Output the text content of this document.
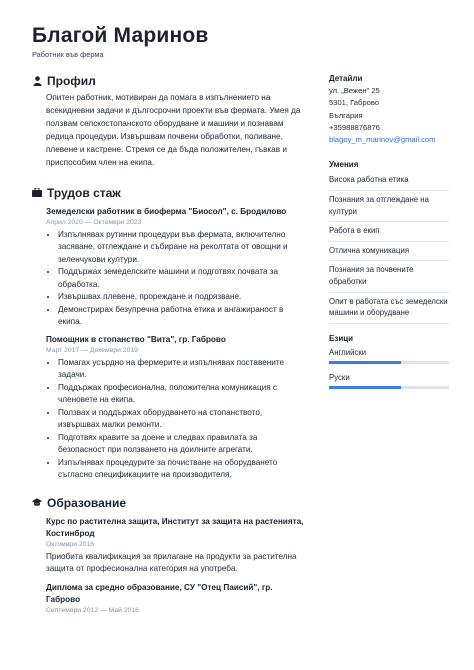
Благой Маринов
Работник във ферма
Профил
Опитен работник, мотивиран да помага в изпълнението на всекидневни задачи и дългосрочни проекти във фермата. Умея да ползвам селскостопанското оборудване и машини и познавам редица процедури. Извършвам почвени обработки, поливане, плевене и кастрене. Стремя се да бъда положителен, гъвкав и приспособим член на екипа.
Трудов стаж
Земеделски работник в биоферма "Биосол", с. Бродилово
Април 2020 — Октомври 2023
• Изпълнявах рутинни процедури във фермата, включително засяване, отглеждане и събиране на реколтата от овощни и зеленчукови култури.
• Поддържах земеделските машини и подготвях почвата за обработка.
• Извършвах плевене, прореждане и подрязване.
• Демонстрирах безупречна работна етика и ангажираност в екипа.
Помощник в стопанство "Вита", гр. Габрово
Март 2017 — Декември 2019
• Помагах усърдно на фермерите и изпълнявах поставените задачи.
• Поддържах професионална, положителна комуникация с членовете на екипа.
• Ползвах и поддържах оборудването на стопанството, извършвах малки ремонти.
• Подготвях кравите за доене и следвах правилата за безопасност при ползването на доилните агрегати.
• Изпълнявах процедурите за почистване на оборудването съгласно спецификациите на производителя.
Образование
Курс по растителна защита, Институт за защита на растенията, Костинброд
Октомври 2016
Приобита квалификация за прилагане на продукти за растителна защита от професионална категория на употреба.
Диплома за средно образование, СУ "Отец Паисий", гр. Габрово
Септември 2012 — Май 2016
Детайли
ул. „Вежен" 25
5301, Габрово
България
+35988876876
blagoy_m_marinov@gmail.com
Умения
Висока работна етика
Познания за отглеждане на култури
Работа в екип
Отлична комуникация
Познания за почвените обработки
Опит в работата със земеделски машини и оборудване
Езици
Английски
Руски
